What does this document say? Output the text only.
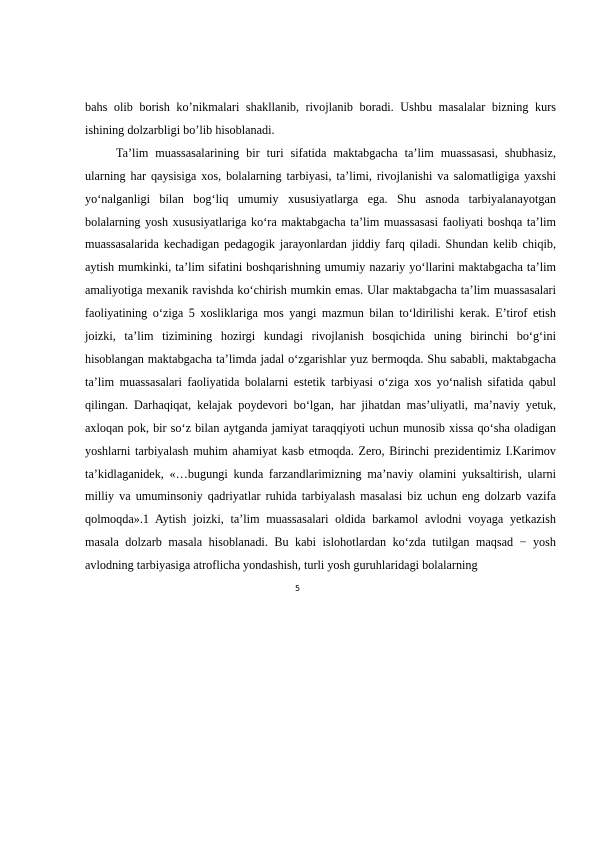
bahs olib borish ko’nikmalari shakllanib, rivojlanib boradi. Ushbu masalalar bizning kurs ishining dolzarbligi bo’lib hisoblanadi.

Ta’lim muassasalarining bir turi sifatida maktabgacha ta’lim muassasasi, shubhasiz, ularning har qaysisiga xos, bolalarning tarbiyasi, ta’limi, rivojlanishi va salomatligiga yaxshi yo‘nalganligi bilan bog‘liq umumiy xususiyatlarga ega. Shu asnoda tarbiyalanayotgan bolalarning yosh xususiyatlariga ko‘ra maktabgacha ta’lim muassasasi faoliyati boshqa ta’lim muassasalarida kechadigan pedagogik jarayonlardan jiddiy farq qiladi. Shundan kelib chiqib, aytish mumkinki, ta’lim sifatini boshqarishning umumiy nazariy yo‘llarini maktabgacha ta’lim amaliyotiga mexanik ravishda ko‘chirish mumkin emas. Ular maktabgacha ta’lim muassasalari faoliyatining o‘ziga 5 xosliklariga mos yangi mazmun bilan to‘ldirilishi kerak. E’tirof etish joizki, ta’lim tizimining hozirgi kundagi rivojlanish bosqichida uning birinchi bo‘g‘ini hisoblangan maktabgacha ta’limda jadal o‘zgarishlar yuz bermoqda. Shu sababli, maktabgacha ta’lim muassasalari faoliyatida bolalarni estetik tarbiyasi o‘ziga xos yo‘nalish sifatida qabul qilingan. Darhaqiqat, kelajak poydevori bo‘lgan, har jihatdan mas’uliyatli, ma’naviy yetuk, axloqan pok, bir so‘z bilan aytganda jamiyat taraqqiyoti uchun munosib xissa qo‘sha oladigan yoshlarni tarbiyalash muhim ahamiyat kasb etmoqda. Zero, Birinchi prezidentimiz I.Karimov ta’kidlaganidek, «…bugungi kunda farzandlarimizning ma’naviy olamini yuksaltirish, ularni milliy va umuminsoniy qadriyatlar ruhida tarbiyalash masalasi biz uchun eng dolzarb vazifa qolmoqda».1 Aytish joizki, ta’lim muassasalari oldida barkamol avlodni voyaga yetkazish masala dolzarb masala hisoblanadi. Bu kabi islohotlardan ko‘zda tutilgan maqsad − yosh avlodning tarbiyasiga atroflicha yondashish, turli yosh guruhlaridagi bolalarning

5
